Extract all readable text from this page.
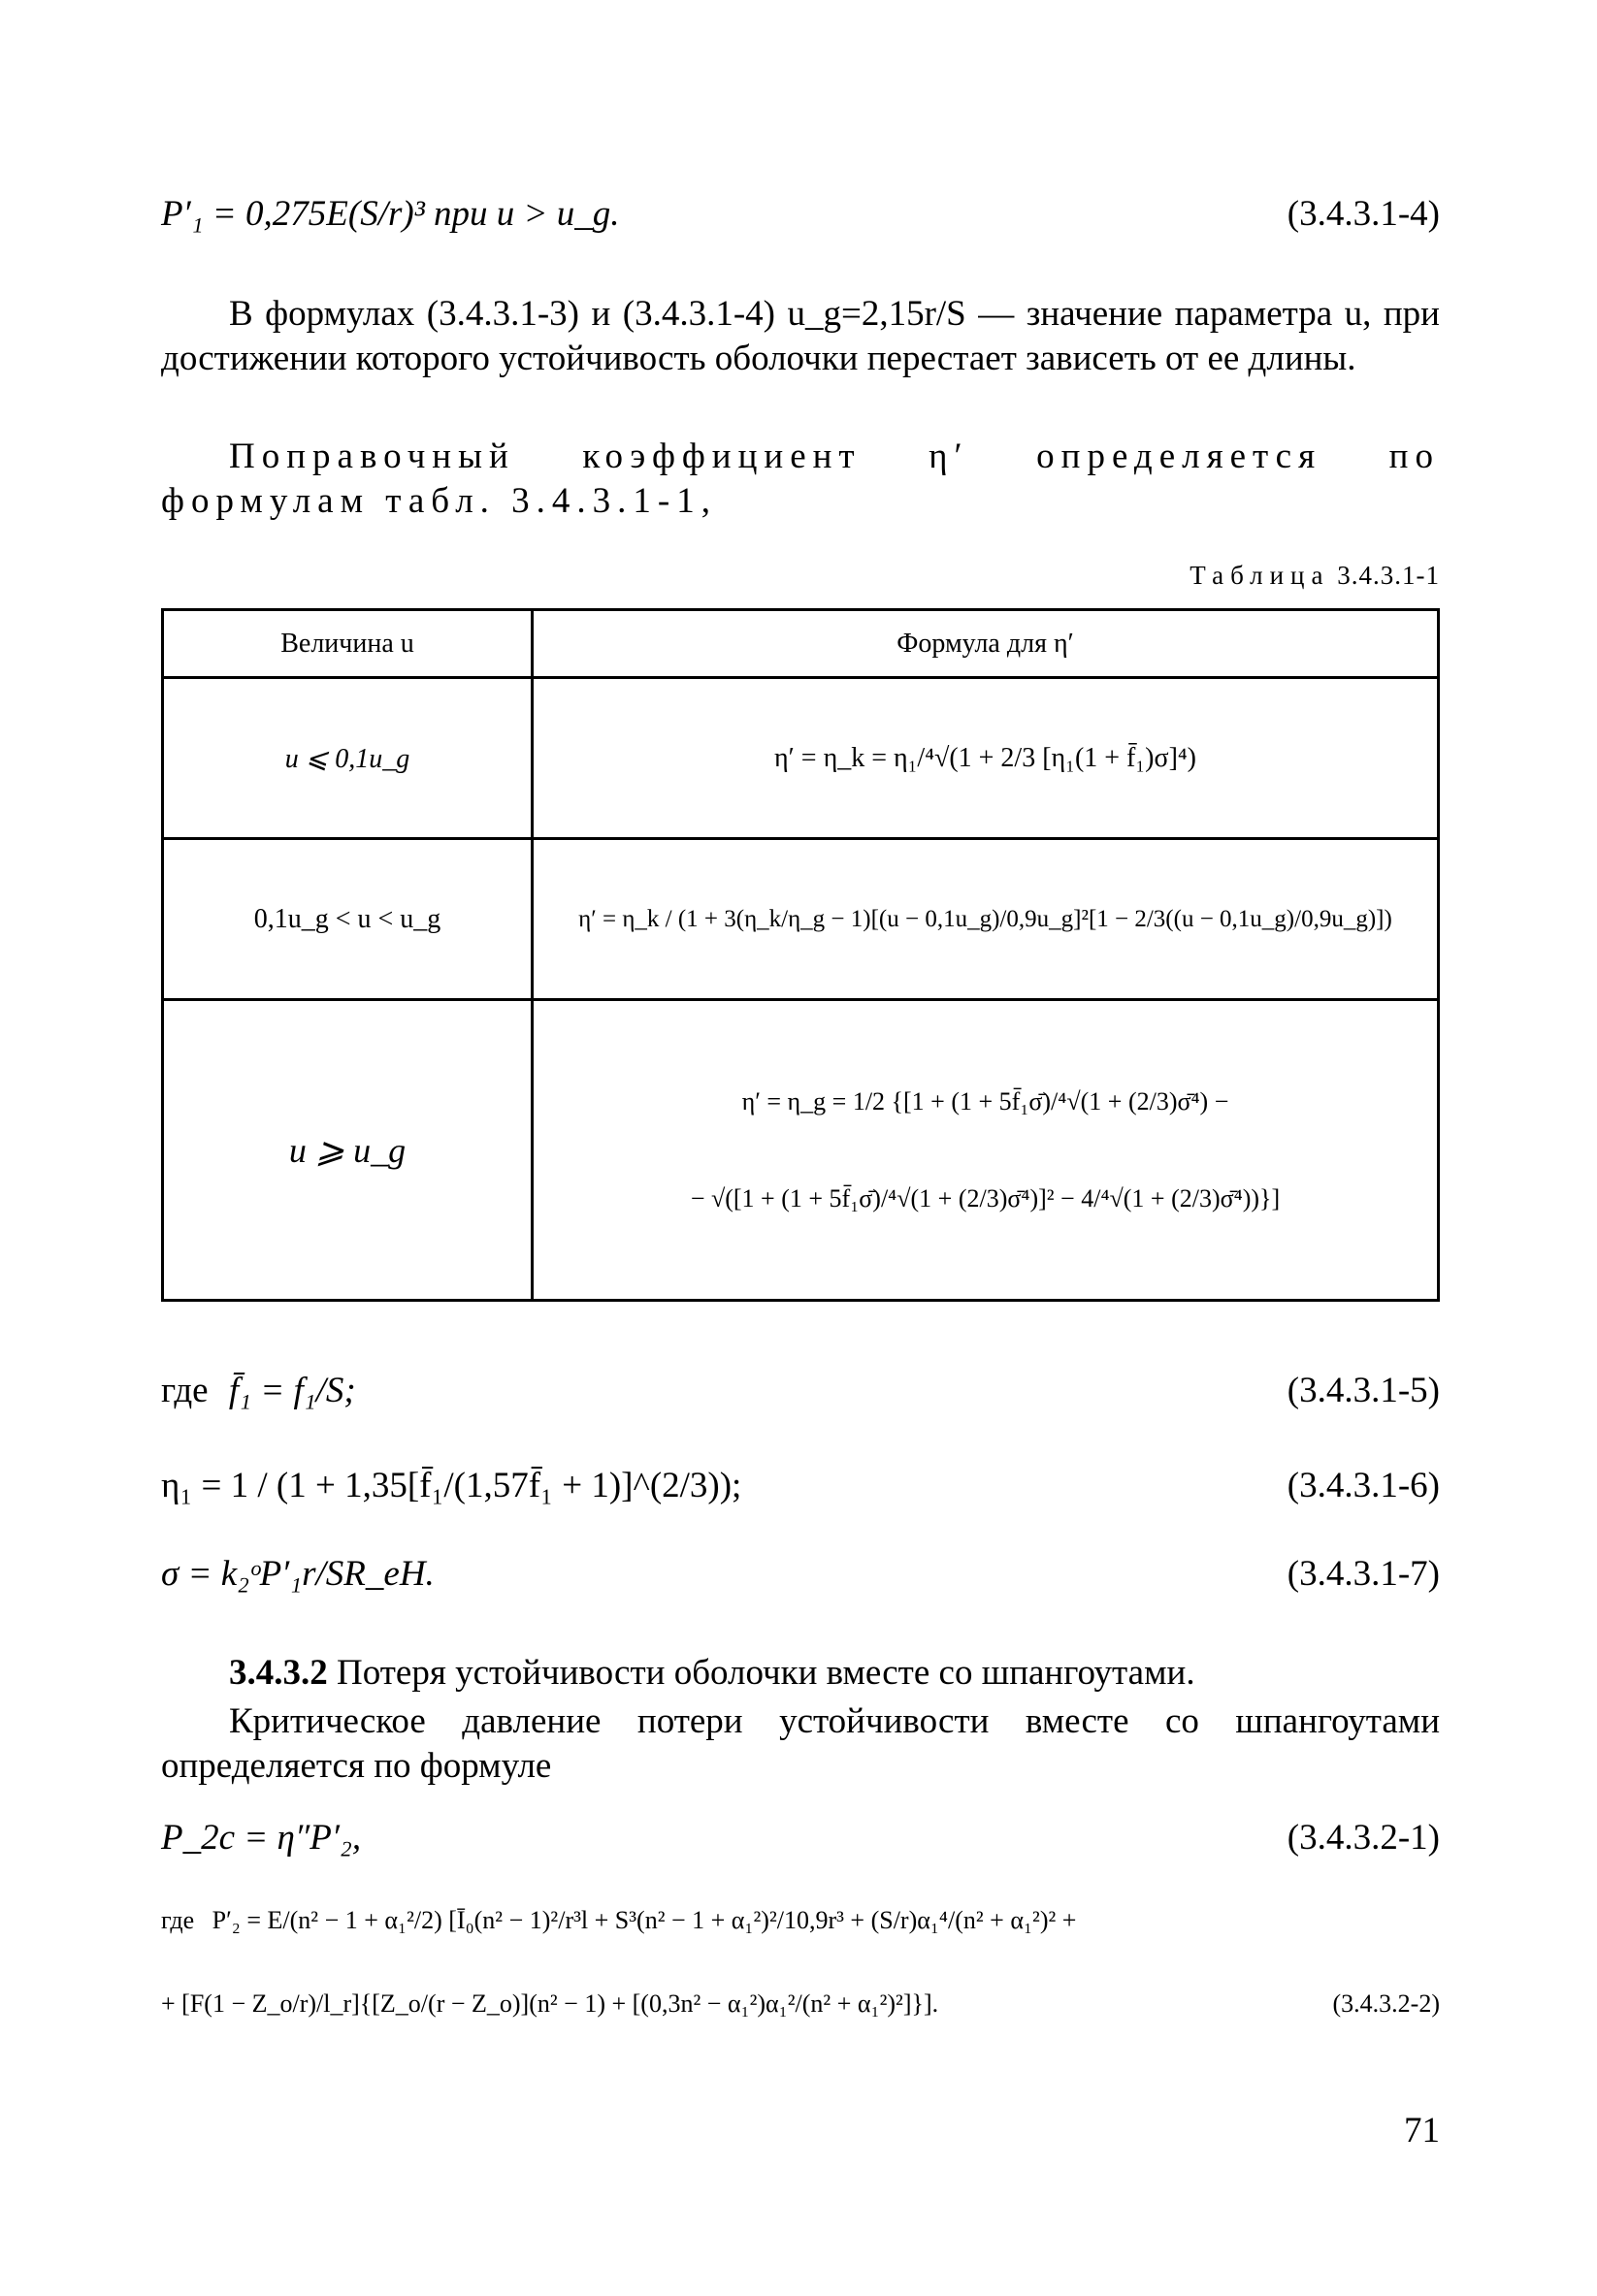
P′₁ = 0,275E(S/r)³ при u > u_g.	(3.4.3.1-4)
В формулах (3.4.3.1-3) и (3.4.3.1-4) u_g=2,15r/S — значение параметра u, при достижении которого устойчивость оболочки перестает зависеть от ее длины.
Поправочный коэффициент η′ определяется по формулам табл. 3.4.3.1-1,
Таблица 3.4.3.1-1
Величина u	Формула для η′
u ⩽ 0,1u_g	η′ = η_k = η₁/⁴√(1 + 2/3 [η₁(1 + f̄₁)σ]⁴)
0,1u_g < u < u_g	η′ = η_k / (1 + 3(η_k/η_g − 1)[(u − 0,1u_g)/0,9u_g]²[1 − 2/3((u − 0,1u_g)/0,9u_g)])
u ⩾ u_g	η′ = η_g = 1/2 {[1 + (1 + 5f̄₁σ̄)/⁴√(1 + (2/3)σ̄⁴) −
− √([1 + (1 + 5f̄₁σ̄)/⁴√(1 + (2/3)σ̄⁴)]² − 4/⁴√(1 + (2/3)σ̄⁴))}]
где f̄₁ = f₁/S;	(3.4.3.1-5)
η₁ = 1 / (1 + 1,35[f̄₁/(1,57f̄₁ + 1)]^(2/3));	(3.4.3.1-6)
σ = k₂ᵒP′₁r/SR_eH.	(3.4.3.1-7)
3.4.3.2 Потеря устойчивости оболочки вместе со шпангоутами.
Критическое давление потери устойчивости вместе со шпангоутами определяется по формуле
P_2c = η″P′₂,	(3.4.3.2-1)
где P′₂ = E/(n² − 1 + α₁²/2) [Ī₀(n² − 1)²/r³l + S³(n² − 1 + α₁²)²/10,9r³ + (S/r)α₁⁴/(n² + α₁²)² +
+ [F(1 − Z_o/r)/l_r]{[Z_o/(r − Z_o)](n² − 1) + [(0,3n² − α₁²)α₁²/(n² + α₁²)²]}].	(3.4.3.2-2)
71
